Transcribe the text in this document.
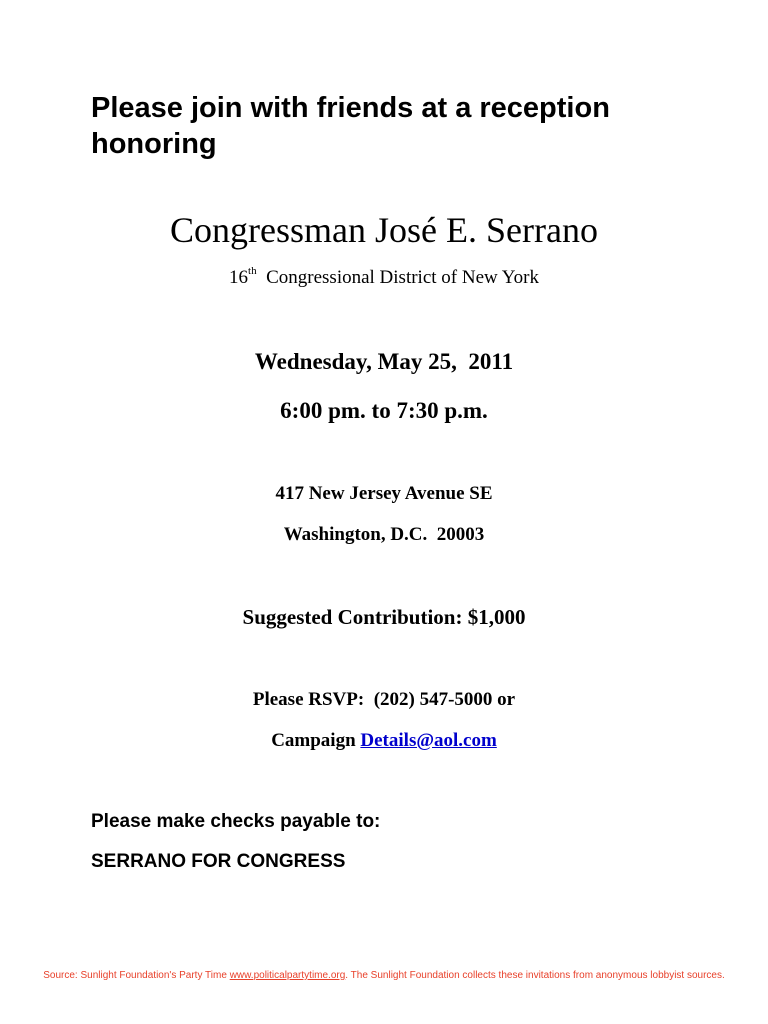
Please join with friends at a reception honoring

Congressman José E. Serrano

16th Congressional District of New York

Wednesday, May 25,  2011

6:00 pm. to 7:30 p.m.

417 New Jersey Avenue SE

Washington, D.C.  20003

Suggested Contribution: $1,000

Please RSVP:  (202) 547-5000 or

Campaign Details@aol.com

Please make checks payable to:

SERRANO FOR CONGRESS

Source: Sunlight Foundation's Party Time www.politicalpartytime.org. The Sunlight Foundation collects these invitations from anonymous lobbyist sources.
